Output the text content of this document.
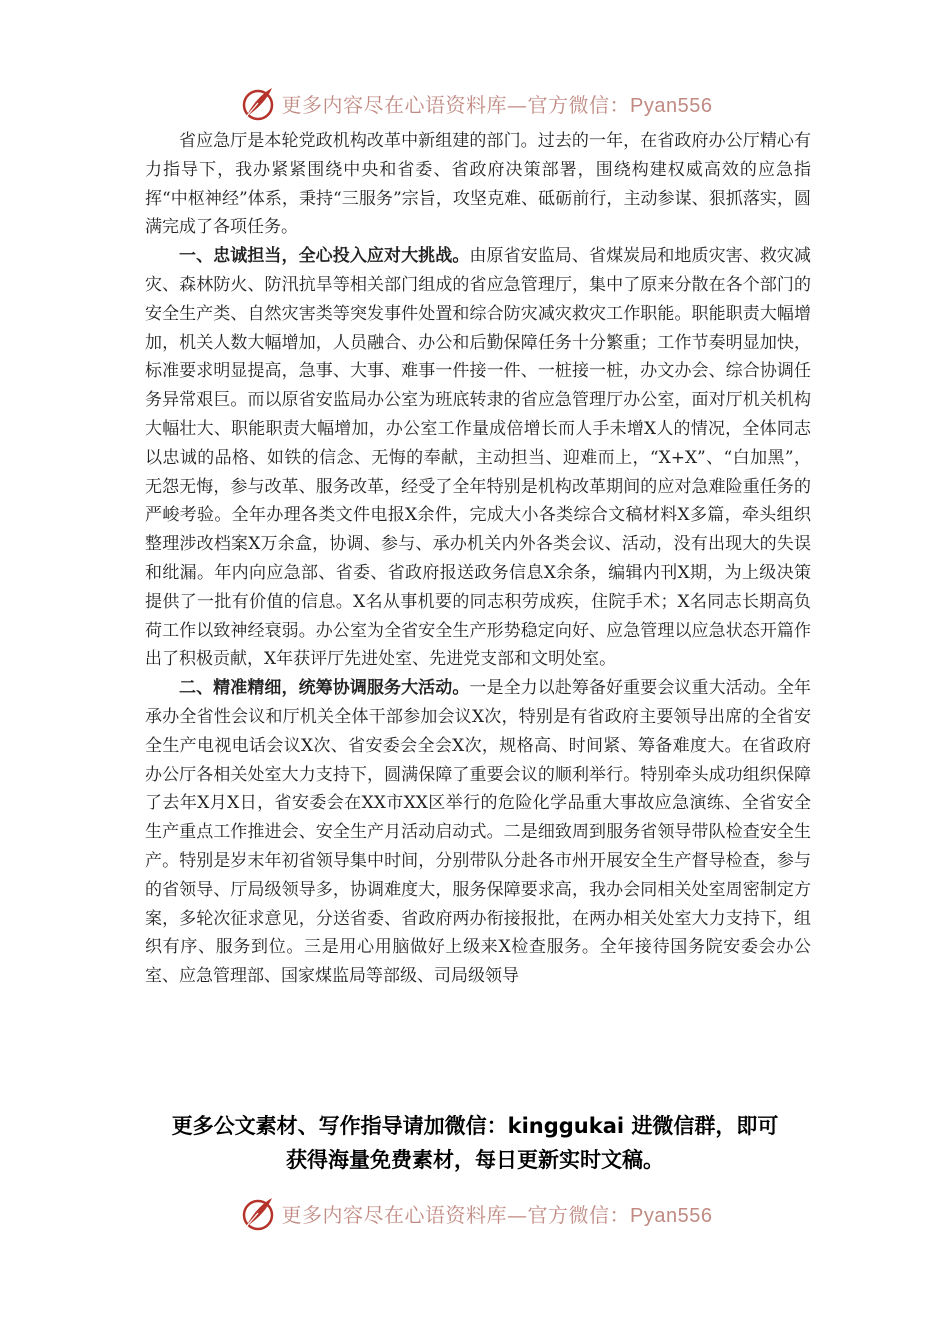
更多内容尽在心语资料库—官方微信：Pyan556

省应急厅是本轮党政机构改革中新组建的部门。过去的一年，在省政府办公厅精心有力指导下，我办紧紧围绕中央和省委、省政府决策部署，围绕构建权威高效的应急指挥“中枢神经”体系，秉持“三服务”宗旨，攻坚克难、砥砺前行，主动参谋、狠抓落实，圆满完成了各项任务。

一、忠诚担当，全心投入应对大挑战。由原省安监局、省煤炭局和地质灾害、救灾减灾、森林防火、防汛抗旱等相关部门组成的省应急管理厅，集中了原来分散在各个部门的安全生产类、自然灾害类等突发事件处置和综合防灾减灾救灾工作职能。职能职责大幅增加，机关人数大幅增加，人员融合、办公和后勤保障任务十分繁重；工作节奏明显加快，标准要求明显提高，急事、大事、难事一件接一件、一桩接一桩，办文办会、综合协调任务异常艰巨。而以原省安监局办公室为班底转隶的省应急管理厅办公室，面对厅机关机构大幅壮大、职能职责大幅增加，办公室工作量成倍增长而人手未增X人的情况，全体同志以忠诚的品格、如铁的信念、无悔的奉献，主动担当、迎难而上，“X+X”、“白加黑”，无怨无悔，参与改革、服务改革，经受了全年特别是机构改革期间的应对急难险重任务的严峻考验。全年办理各类文件电报X余件，完成大小各类综合文稿材料X多篇，牵头组织整理涉改档案X万余盒，协调、参与、承办机关内外各类会议、活动，没有出现大的失误和纰漏。年内向应急部、省委、省政府报送政务信息X余条，编辑内刊X期，为上级决策提供了一批有价值的信息。X名从事机要的同志积劳成疾，住院手术；X名同志长期高负荷工作以致神经衰弱。办公室为全省安全生产形势稳定向好、应急管理以应急状态开篇作出了积极贡献，X年获评厅先进处室、先进党支部和文明处室。

二、精准精细，统筹协调服务大活动。一是全力以赴筹备好重要会议重大活动。全年承办全省性会议和厅机关全体干部参加会议X次，特别是有省政府主要领导出席的全省安全生产电视电话会议X次、省安委会全会X次，规格高、时间紧、筹备难度大。在省政府办公厅各相关处室大力支持下，圆满保障了重要会议的顺利举行。特别牵头成功组织保障了去年X月X日，省安委会在XX市XX区举行的危险化学品重大事故应急演练、全省安全生产重点工作推进会、安全生产月活动启动式。二是细致周到服务省领导带队检查安全生产。特别是岁末年初省领导集中时间，分别带队分赴各市州开展安全生产督导检查，参与的省领导、厅局级领导多，协调难度大，服务保障要求高，我办会同相关处室周密制定方案，多轮次征求意见，分送省委、省政府两办衔接报批，在两办相关处室大力支持下，组织有序、服务到位。三是用心用脑做好上级来X检查服务。全年接待国务院安委会办公室、应急管理部、国家煤监局等部级、司局级领导

更多公文素材、写作指导请加微信：kinggukai 进微信群，即可
获得海量免费素材，每日更新实时文稿。
更多内容尽在心语资料库—官方微信：Pyan556
